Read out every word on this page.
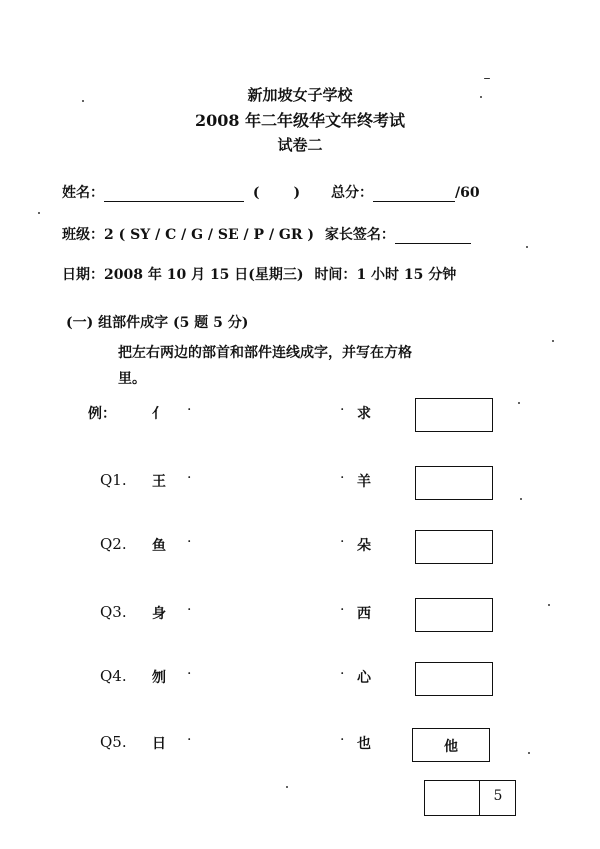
新加坡女子学校
2008 年二年级华文年终考试
试卷二
姓名：	( ) 总分：	/60
班级：2 ( SY / C / G / SE / P / GR ) 家长签名：
日期：2008 年 10 月 15 日(星期三) 时间：1 小时 15 分钟
(一) 组部件成字 (5 题 5 分)
把左右两边的部首和部件连线成字，并写在方格
里。
例：	亻 ·	· 求
Q1. 王 ·	· 羊
Q2. 鱼 ·	· 朵
Q3. 身 ·	· 西
Q4. 刎 ·	· 心
Q5. 日 ·	· 也	他
5
